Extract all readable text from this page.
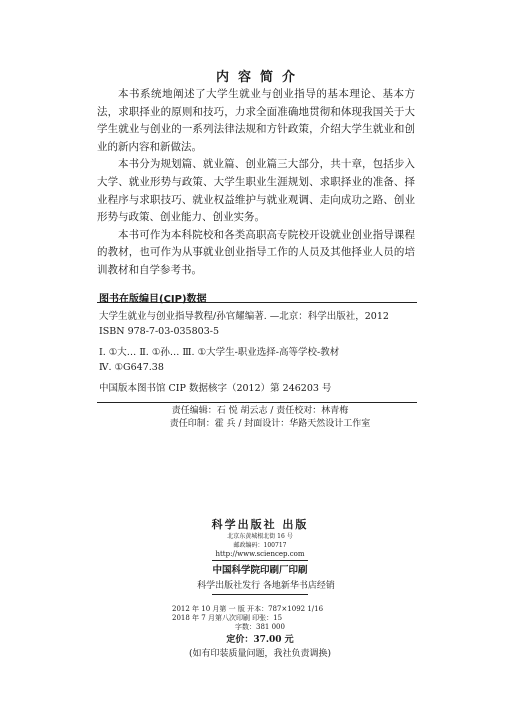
内容简介

本书系统地阐述了大学生就业与创业指导的基本理论、基本方法，求职择业的原则和技巧，力求全面准确地贯彻和体现我国关于大学生就业与创业的一系列法律法规和方针政策，介绍大学生就业和创业的新内容和新做法。

本书分为规划篇、就业篇、创业篇三大部分，共十章，包括步入大学、就业形势与政策、大学生职业生涯规划、求职择业的准备、择业程序与求职技巧、就业权益维护与就业观调、走向成功之路、创业形势与政策、创业能力、创业实务。

本书可作为本科院校和各类高职高专院校开设就业创业指导课程的教材，也可作为从事就业创业指导工作的人员及其他择业人员的培训教材和自学参考书。

图书在版编目(CIP)数据
大学生就业与创业指导教程/孙官耀编著. —北京：科学出版社，2012
ISBN 978-7-03-035803-5
Ⅰ. ①大… Ⅱ. ①孙… Ⅲ. ①大学生-职业选择-高等学校-教材
Ⅳ. ①G647.38
中国版本图书馆 CIP 数据核字（2012）第 246203 号
责任编辑：石 悦 胡云志 / 责任校对：林青梅
责任印制：霍 兵 / 封面设计：华路天然设计工作室
科学出版社 出版
北京东黄城根北街 16 号
邮政编码：100717
http://www.sciencep.com
中国科学院印刷厂印刷
科学出版社发行 各地新华书店经销
2012 年 10 月第 一 版 开本：787×1092 1/16
2018 年 7 月第八次印刷 印张：15
字数：381 000
定价：37.00 元
(如有印装质量问题，我社负责调换)
